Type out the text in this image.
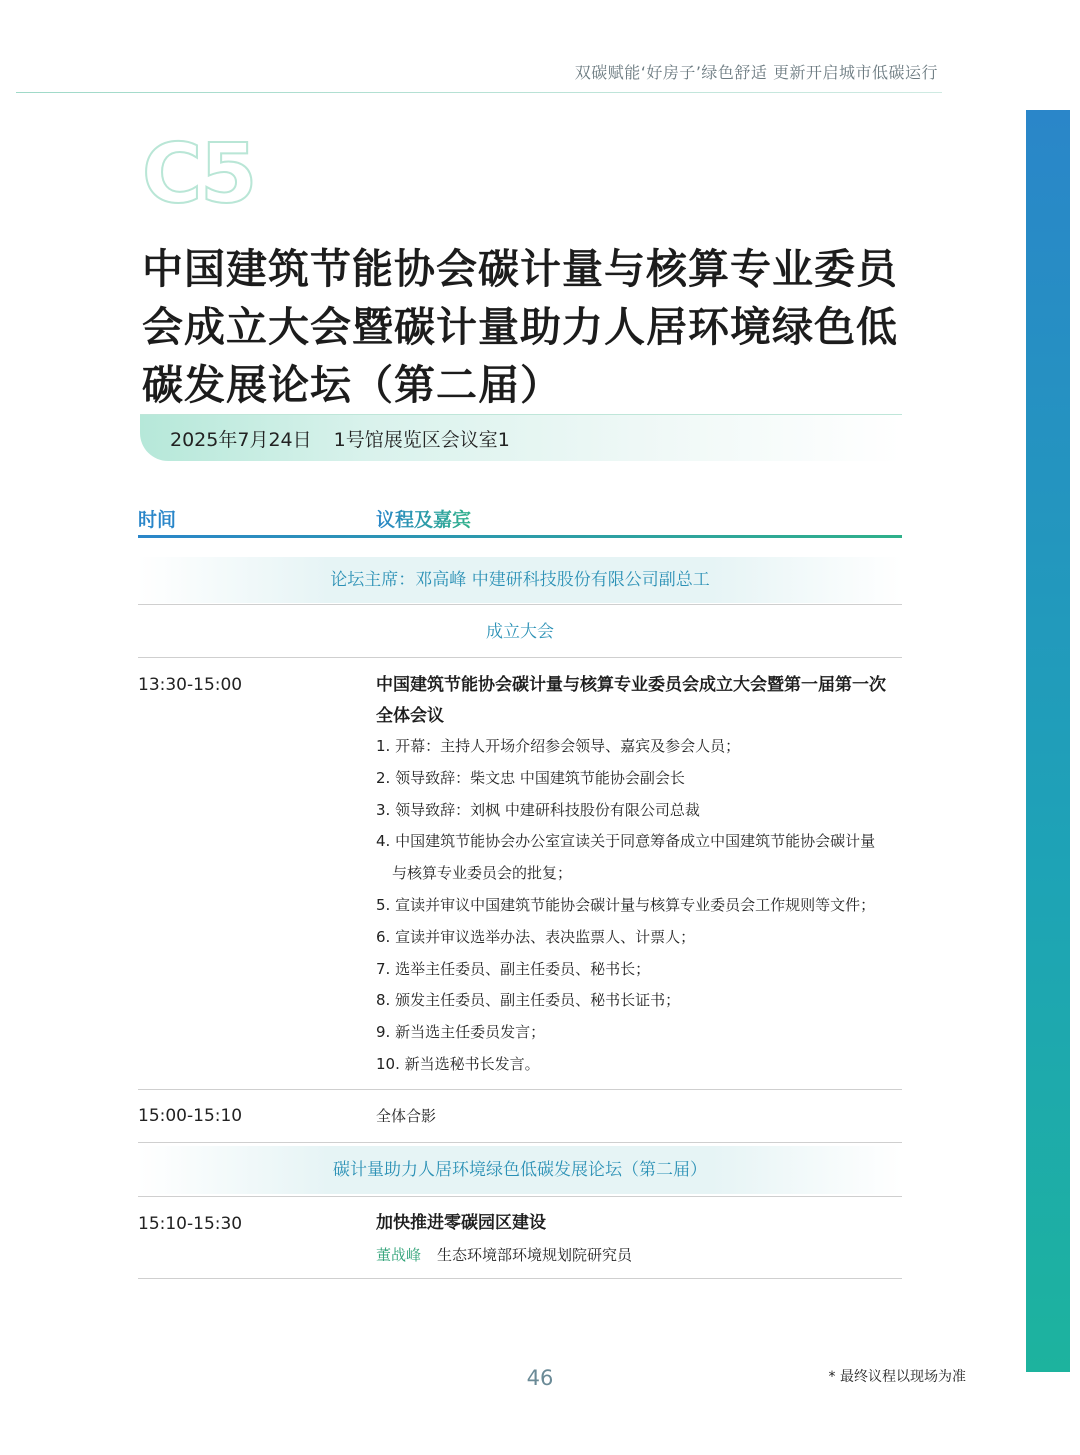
双碳赋能‘好房子’绿色舒适 更新开启城市低碳运行
C5
中国建筑节能协会碳计量与核算专业委员会成立大会暨碳计量助力人居环境绿色低碳发展论坛（第二届）
2025年7月24日 1号馆展览区会议室1
时间	议程及嘉宾
论坛主席：邓高峰 中建研科技股份有限公司副总工
成立大会
13:30-15:00	中国建筑节能协会碳计量与核算专业委员会成立大会暨第一届第一次全体会议
1. 开幕：主持人开场介绍参会领导、嘉宾及参会人员；
2. 领导致辞：柴文忠 中国建筑节能协会副会长
3. 领导致辞：刘枫 中建研科技股份有限公司总裁
4. 中国建筑节能协会办公室宣读关于同意筹备成立中国建筑节能协会碳计量
与核算专业委员会的批复；
5. 宣读并审议中国建筑节能协会碳计量与核算专业委员会工作规则等文件；
6. 宣读并审议选举办法、表决监票人、计票人；
7. 选举主任委员、副主任委员、秘书长；
8. 颁发主任委员、副主任委员、秘书长证书；
9. 新当选主任委员发言；
10. 新当选秘书长发言。
15:00-15:10	全体合影
碳计量助力人居环境绿色低碳发展论坛（第二届）
15:10-15:30	加快推进零碳园区建设
董战峰 生态环境部环境规划院研究员
46	* 最终议程以现场为准
